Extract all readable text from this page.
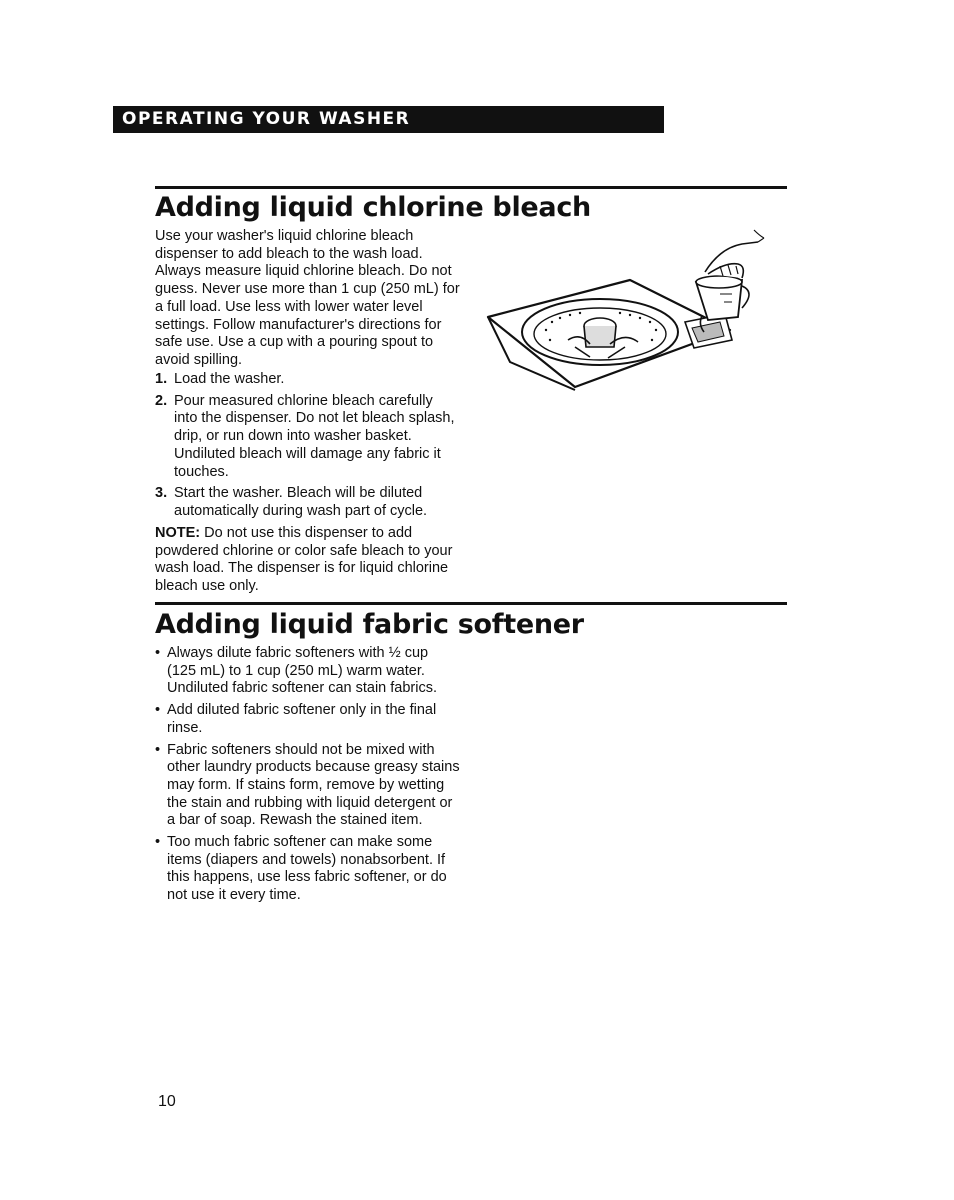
OPERATING YOUR WASHER
Adding liquid chlorine bleach

Use your washer's liquid chlorine bleach dispenser to add bleach to the wash load. Always measure liquid chlorine bleach. Do not guess. Never use more than 1 cup (250 mL) for a full load. Use less with lower water level settings. Follow manufacturer's directions for safe use. Use a cup with a pouring spout to avoid spilling.

1. Load the washer.
2. Pour measured chlorine bleach carefully into the dispenser. Do not let bleach splash, drip, or run down into washer basket. Undiluted bleach will damage any fabric it touches.
3. Start the washer. Bleach will be diluted automatically during wash part of cycle.

NOTE: Do not use this dispenser to add powdered chlorine or color safe bleach to your wash load. The dispenser is for liquid chlorine bleach use only.

Adding liquid fabric softener
• Always dilute fabric softeners with ½ cup (125 mL) to 1 cup (250 mL) warm water. Undiluted fabric softener can stain fabrics.
• Add diluted fabric softener only in the final rinse.
• Fabric softeners should not be mixed with other laundry products because greasy stains may form. If stains form, remove by wetting the stain and rubbing with liquid detergent or a bar of soap. Rewash the stained item.
• Too much fabric softener can make some items (diapers and towels) nonabsorbent. If this happens, use less fabric softener, or do not use it every time.
10
